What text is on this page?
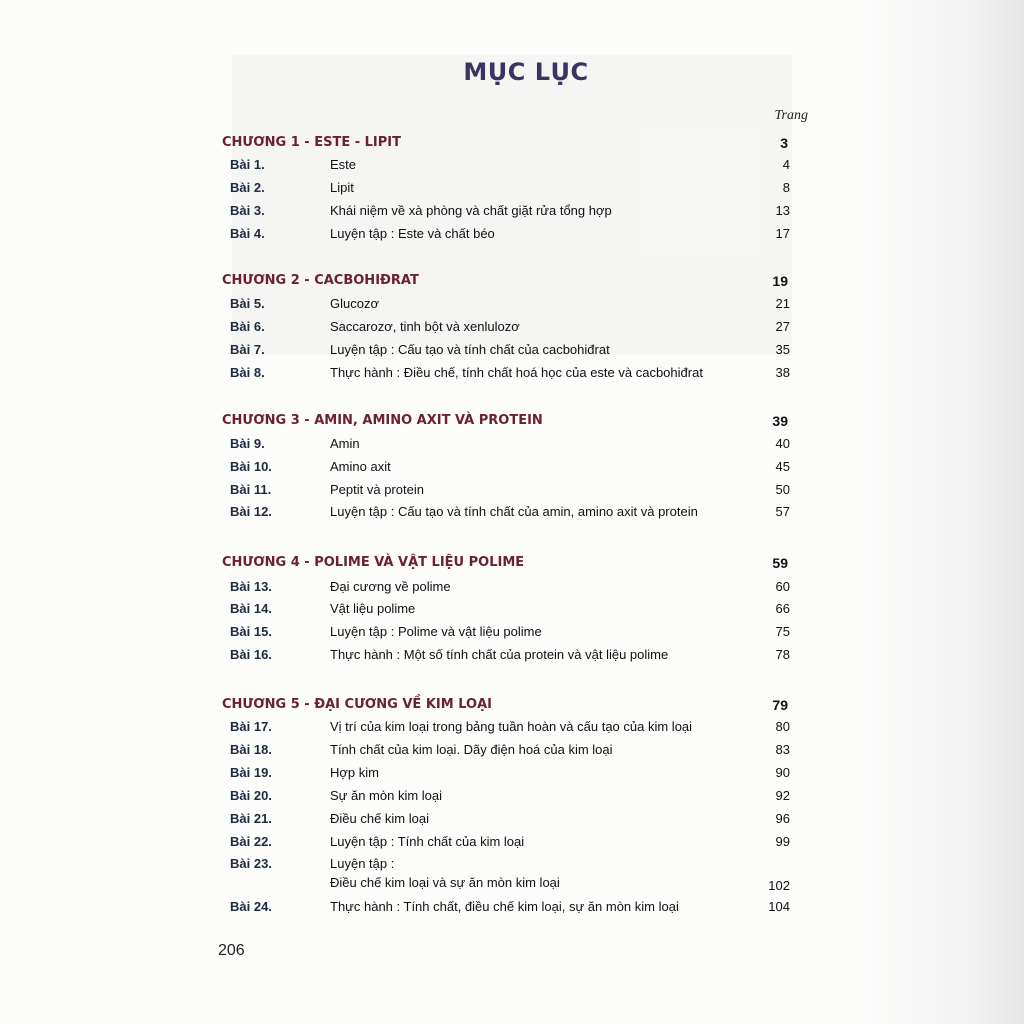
MỤC LỤC
Trang
CHƯƠNG 1 - ESTE - LIPIT	3
Bài 1.	Este	4
Bài 2.	Lipit	8
Bài 3.	Khái niệm về xà phòng và chất giặt rửa tổng hợp	13
Bài 4.	Luyện tập : Este và chất béo	17
CHƯƠNG 2 - CACBOHIĐRAT	19
Bài 5.	Glucozơ	21
Bài 6.	Saccarozơ, tinh bột và xenlulozơ	27
Bài 7.	Luyện tập : Cấu tạo và tính chất của cacbohiđrat	35
Bài 8.	Thực hành : Điều chế, tính chất hoá học của este và cacbohiđrat	38
CHƯƠNG 3 - AMIN, AMINO AXIT VÀ PROTEIN	39
Bài 9.	Amin	40
Bài 10.	Amino axit	45
Bài 11.	Peptit và protein	50
Bài 12.	Luyện tập : Cấu tạo và tính chất của amin, amino axit và protein	57
CHƯƠNG 4 - POLIME VÀ VẬT LIỆU POLIME	59
Bài 13.	Đại cương về polime	60
Bài 14.	Vật liệu polime	66
Bài 15.	Luyện tập : Polime và vật liệu polime	75
Bài 16.	Thực hành : Một số tính chất của protein và vật liệu polime	78
CHƯƠNG 5 - ĐẠI CƯƠNG VỀ KIM LOẠI	79
Bài 17.	Vị trí của kim loại trong bảng tuần hoàn và cấu tạo của kim loại	80
Bài 18.	Tính chất của kim loại. Dãy điện hoá của kim loại	83
Bài 19.	Hợp kim	90
Bài 20.	Sự ăn mòn kim loại	92
Bài 21.	Điều chế kim loại	96
Bài 22.	Luyện tập : Tính chất của kim loại	99
Bài 23.	Luyện tập :
Điều chế kim loại và sự ăn mòn kim loại	102
Bài 24.	Thực hành : Tính chất, điều chế kim loại, sự ăn mòn kim loại	104
206
